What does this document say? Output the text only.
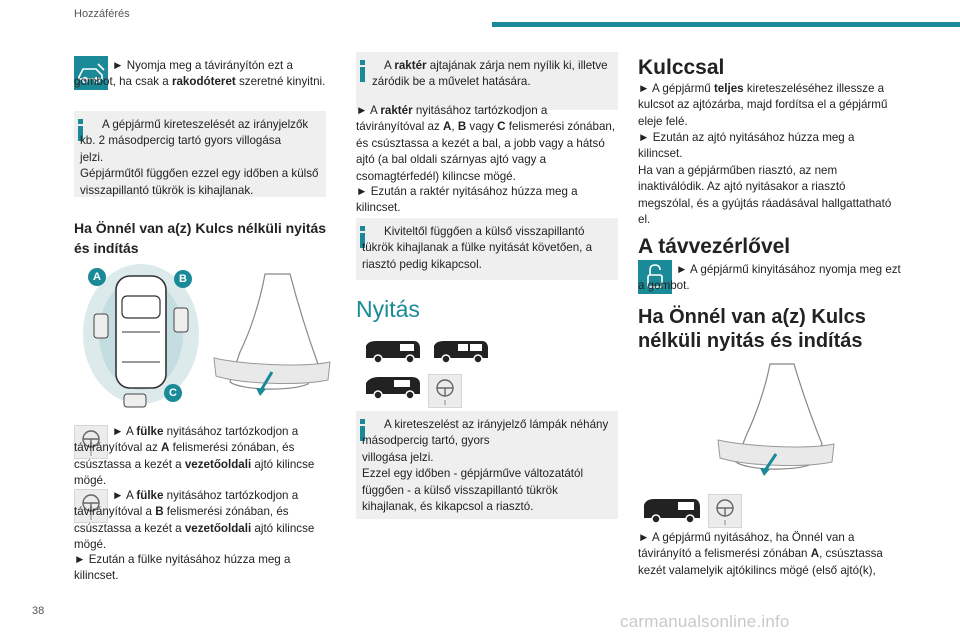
Hozzáférés

► Nyomja meg a távirányítón ezt a gombot, ha csak a rakodóteret szeretné kinyitni.

A gépjármű kireteszelését az irányjelzők kb. 2 másodpercig tartó gyors villogása
jelzi.
Gépjárműtől függően ezzel egy időben a külső visszapillantó tükrök is kihajlanak.
Ha Önnél van a(z) Kulcs nélküli nyitás és indítás
A	B
C

► A fülke nyitásához tartózkodjon a távirányítóval az A felismerési zónában, és csúsztassa a kezét a vezetőoldali ajtó kilincse mögé.

► A fülke nyitásához tartózkodjon a távirányítóval a B felismerési zónában, és csúsztassa a kezét a vezetőoldali ajtó kilincse mögé.

► Ezután a fülke nyitásához húzza meg a kilincset.

A raktér ajtajának zárja nem nyílik ki, illetve záródik be a művelet hatására.

► A raktér nyitásához tartózkodjon a távirányítóval az A, B vagy C felismerési zónában, és csúsztassa a kezét a bal, a jobb vagy a hátsó ajtó (a bal oldali szárnyas ajtó vagy a csomagtérfedél) kilincse mögé.

► Ezután a raktér nyitásához húzza meg a kilincset.

Kiviteltől függően a külső visszapillantó tükrök kihajlanak a fülke nyitását követően, a riasztó pedig kikapcsol.
Nyitás
A kireteszelést az irányjelző lámpák néhány másodpercig tartó, gyors
villogása jelzi.
Ezzel egy időben - gépjárműve változatától függően - a külső visszapillantó tükrök kihajlanak, és kikapcsol a riasztó.
Kulccsal

► A gépjármű teljes kireteszeléséhez illessze a kulcsot az ajtózárba, majd fordítsa el a gépjármű eleje felé.

► Ezután az ajtó nyitásához húzza meg a kilincset.

Ha van a gépjárműben riasztó, az nem inaktiválódik. Az ajtó nyitásakor a riasztó megszólal, és a gyújtás ráadásával hallgattatható el.

A távvezérlővel

► A gépjármű kinyitásához nyomja meg ezt a gombot.

Ha Önnél van a(z) Kulcs nélküli nyitás és indítás

► A gépjármű nyitásához, ha Önnél van a távirányító a felismerési zónában A, csúsztassa kezét valamelyik ajtókilincs mögé (első ajtó(k),

38
carmanualsonline.info
